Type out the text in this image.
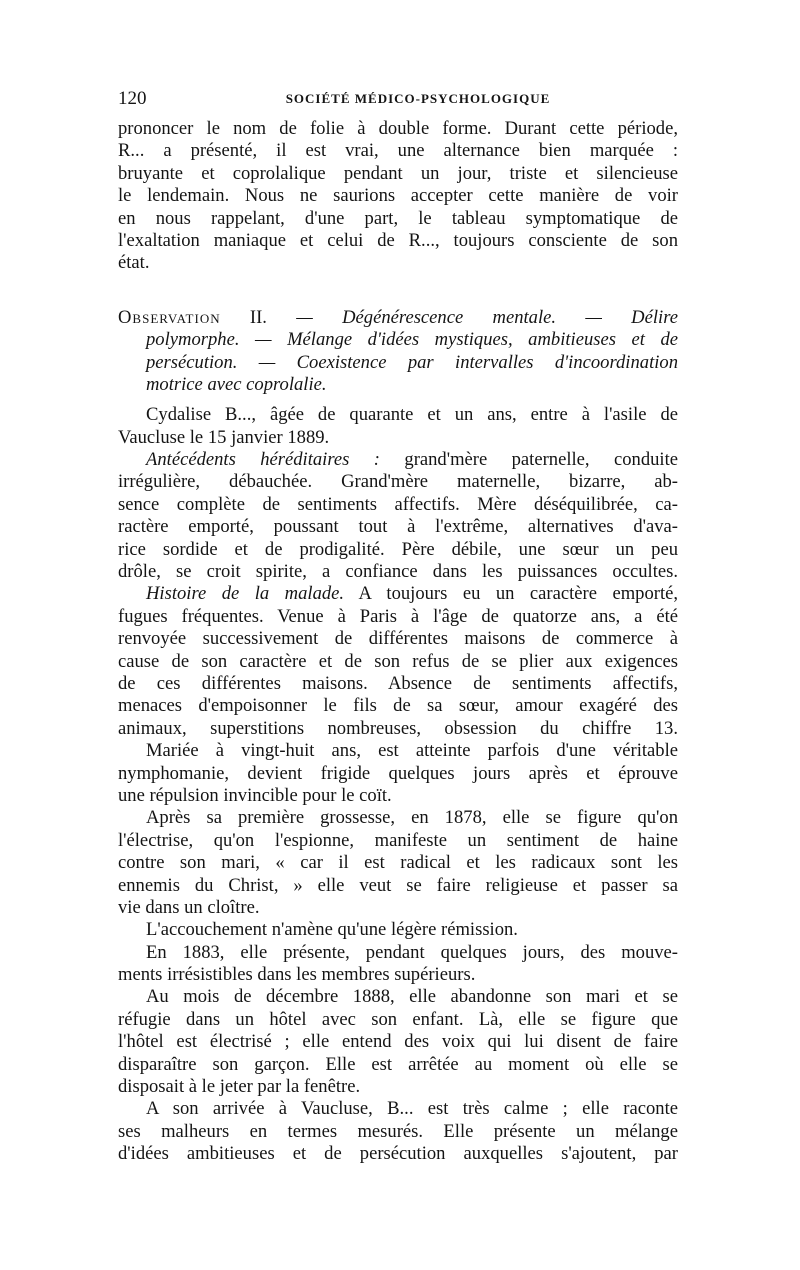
120	SOCIÉTÉ MÉDICO-PSYCHOLOGIQUE
prononcer le nom de folie à double forme. Durant cette période,
R... a présenté, il est vrai, une alternance bien marquée :
bruyante et coprolalique pendant un jour, triste et silencieuse
le lendemain. Nous ne saurions accepter cette manière de voir
en nous rappelant, d'une part, le tableau symptomatique de
l'exaltation maniaque et celui de R..., toujours consciente de son
état.
Observation II. — Dégénérescence mentale. — Délire
polymorphe. — Mélange d'idées mystiques, ambitieuses et de
persécution. — Coexistence par intervalles d'incoordination
motrice avec coprolalie.
Cydalise B..., âgée de quarante et un ans, entre à l'asile de
Vaucluse le 15 janvier 1889.
Antécédents héréditaires : grand'mère paternelle, conduite
irrégulière, débauchée. Grand'mère maternelle, bizarre, ab-
sence complète de sentiments affectifs. Mère déséquilibrée, ca-
ractère emporté, poussant tout à l'extrême, alternatives d'ava-
rice sordide et de prodigalité. Père débile, une sœur un peu
drôle, se croit spirite, a confiance dans les puissances occultes.
Histoire de la malade. A toujours eu un caractère emporté,
fugues fréquentes. Venue à Paris à l'âge de quatorze ans, a été
renvoyée successivement de différentes maisons de commerce à
cause de son caractère et de son refus de se plier aux exigences
de ces différentes maisons. Absence de sentiments affectifs,
menaces d'empoisonner le fils de sa sœur, amour exagéré des
animaux, superstitions nombreuses, obsession du chiffre 13.
Mariée à vingt-huit ans, est atteinte parfois d'une véritable
nymphomanie, devient frigide quelques jours après et éprouve
une répulsion invincible pour le coït.
Après sa première grossesse, en 1878, elle se figure qu'on
l'électrise, qu'on l'espionne, manifeste un sentiment de haine
contre son mari, « car il est radical et les radicaux sont les
ennemis du Christ, » elle veut se faire religieuse et passer sa
vie dans un cloître.
L'accouchement n'amène qu'une légère rémission.
En 1883, elle présente, pendant quelques jours, des mouve-
ments irrésistibles dans les membres supérieurs.
Au mois de décembre 1888, elle abandonne son mari et se
réfugie dans un hôtel avec son enfant. Là, elle se figure que
l'hôtel est électrisé ; elle entend des voix qui lui disent de faire
disparaître son garçon. Elle est arrêtée au moment où elle se
disposait à le jeter par la fenêtre.
A son arrivée à Vaucluse, B... est très calme ; elle raconte
ses malheurs en termes mesurés. Elle présente un mélange
d'idées ambitieuses et de persécution auxquelles s'ajoutent, par
